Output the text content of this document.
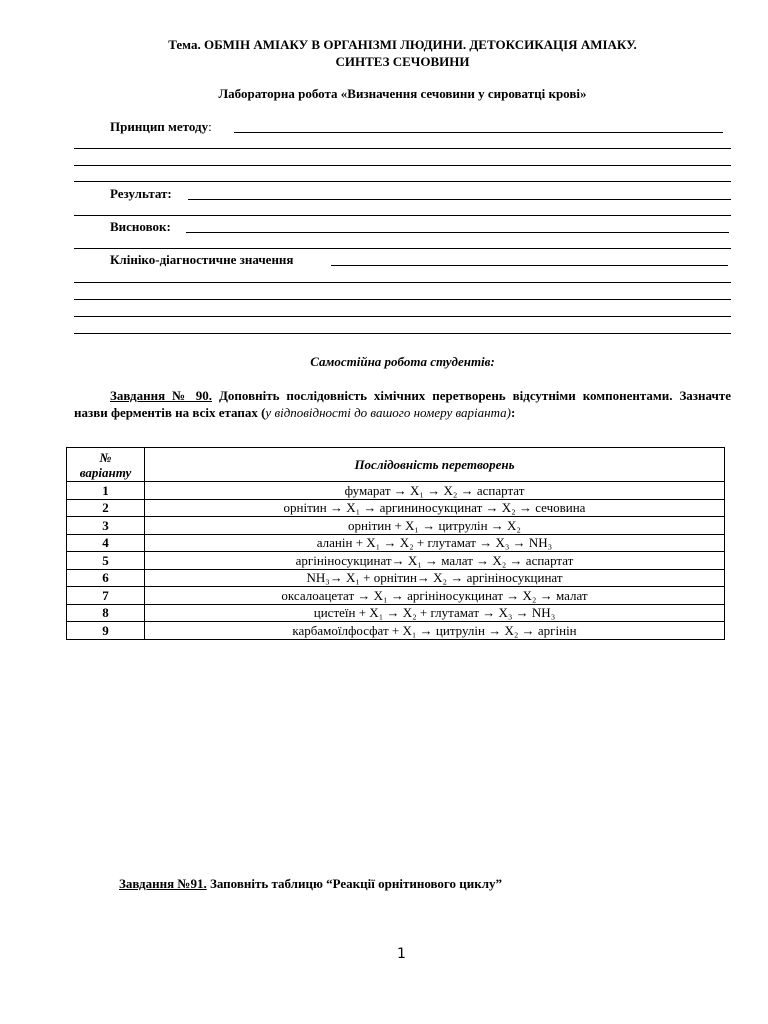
Тема. ОБМІН АМІАКУ В ОРГАНІЗМІ ЛЮДИНИ. ДЕТОКСИКАЦІЯ АМІАКУ.
СИНТЕЗ СЕЧОВИНИ
Лабораторна робота «Визначення сечовини у сироватці крові»
Принцип методу:
Результат:
Висновок:
Клініко-діагностичне значення
Самостійна робота студентів:
Завдання № 90. Доповніть послідовність хімічних перетворень відсутніми компонентами. Зазначте назви ферментів на всіх етапах (у відповідності до вашого номеру варіанта):
№
варіанту	Послідовність перетворень
1	фумарат → X₁ → X₂ → аспартат
2	орнітин → X₁ → аргининосукцинат → X₂ → сечовина
3	орнітин + X₁ → цитрулін → X₂
4	аланін + X₁ → X₂ + глутамат → X₃ → NH₃
5	аргініносукцинат→ X₁ → малат → X₂ → аспартат
6	NH₃→ X₁ + орнітин→ X₂ → аргініносукцинат
7	оксалоацетат → X₁ → аргініносукцинат → X₂ → малат
8	цистеїн + X₁ → X₂ + глутамат → X₃ → NH₃
9	карбамоїлфосфат + X₁ → цитрулін → X₂ → аргінін
Завдання №91. Заповніть таблицю “Реакції орнітинового циклу”
1
